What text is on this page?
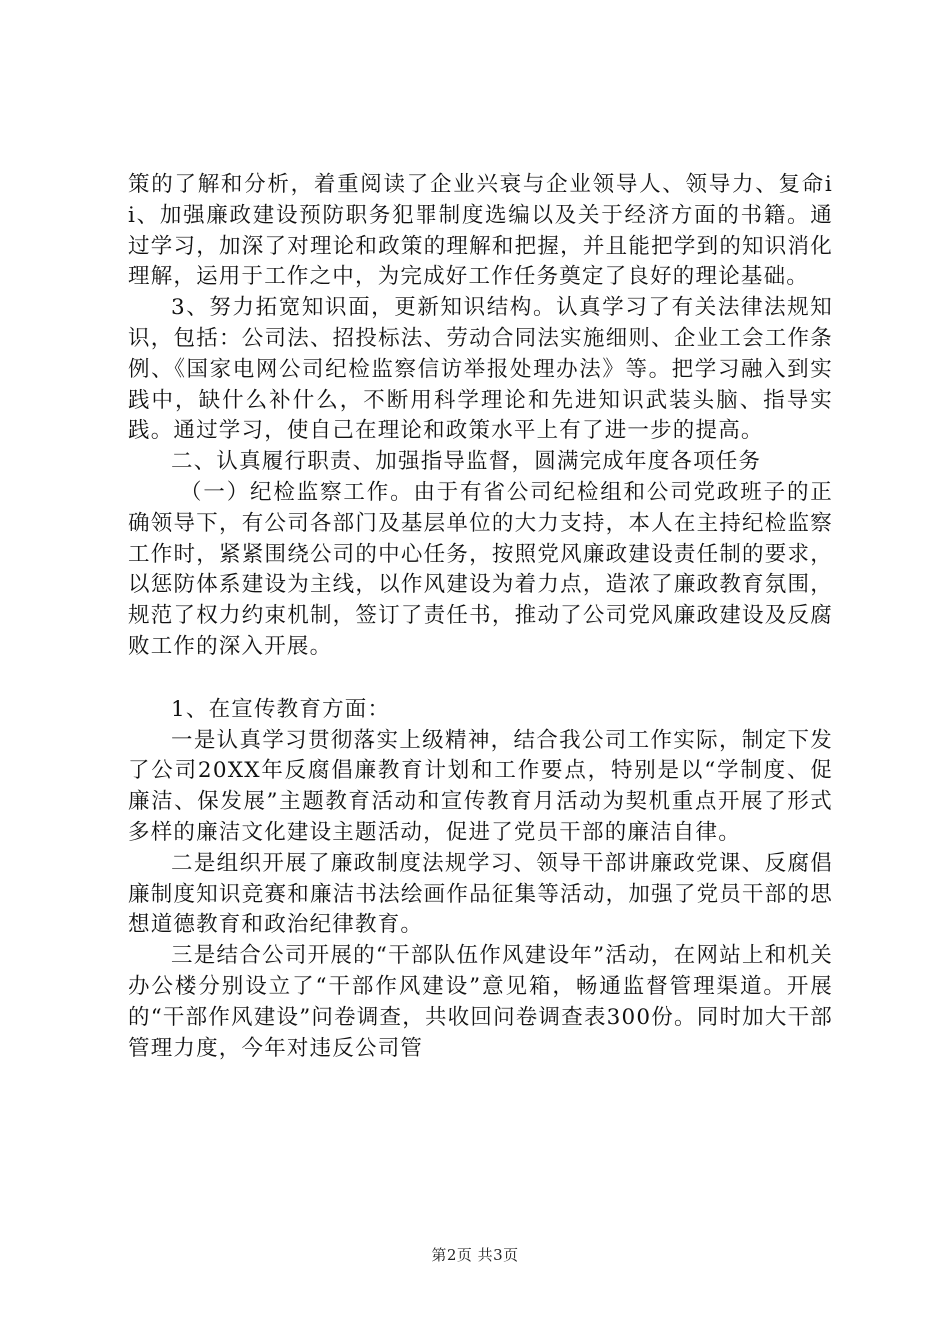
策的了解和分析，着重阅读了企业兴衰与企业领导人、领导力、复命ii、加强廉政建设预防职务犯罪制度选编以及关于经济方面的书籍。通过学习，加深了对理论和政策的理解和把握，并且能把学到的知识消化理解，运用于工作之中，为完成好工作任务奠定了良好的理论基础。

3、努力拓宽知识面，更新知识结构。认真学习了有关法律法规知识，包括：公司法、招投标法、劳动合同法实施细则、企业工会工作条例、《国家电网公司纪检监察信访举报处理办法》等。把学习融入到实践中，缺什么补什么，不断用科学理论和先进知识武装头脑、指导实践。通过学习，使自己在理论和政策水平上有了进一步的提高。

二、认真履行职责、加强指导监督，圆满完成年度各项任务

（一）纪检监察工作。由于有省公司纪检组和公司党政班子的正确领导下，有公司各部门及基层单位的大力支持，本人在主持纪检监察工作时，紧紧围绕公司的中心任务，按照党风廉政建设责任制的要求，以惩防体系建设为主线，以作风建设为着力点，造浓了廉政教育氛围，规范了权力约束机制，签订了责任书，推动了公司党风廉政建设及反腐败工作的深入开展。

1、在宣传教育方面：

一是认真学习贯彻落实上级精神，结合我公司工作实际，制定下发了公司20XX年反腐倡廉教育计划和工作要点，特别是以“学制度、促廉洁、保发展”主题教育活动和宣传教育月活动为契机重点开展了形式多样的廉洁文化建设主题活动，促进了党员干部的廉洁自律。

二是组织开展了廉政制度法规学习、领导干部讲廉政党课、反腐倡廉制度知识竞赛和廉洁书法绘画作品征集等活动，加强了党员干部的思想道德教育和政治纪律教育。

三是结合公司开展的“干部队伍作风建设年”活动，在网站上和机关办公楼分别设立了“干部作风建设”意见箱，畅通监督管理渠道。开展的“干部作风建设”问卷调查，共收回问卷调查表300份。同时加大干部管理力度，今年对违反公司管

第2页 共3页
